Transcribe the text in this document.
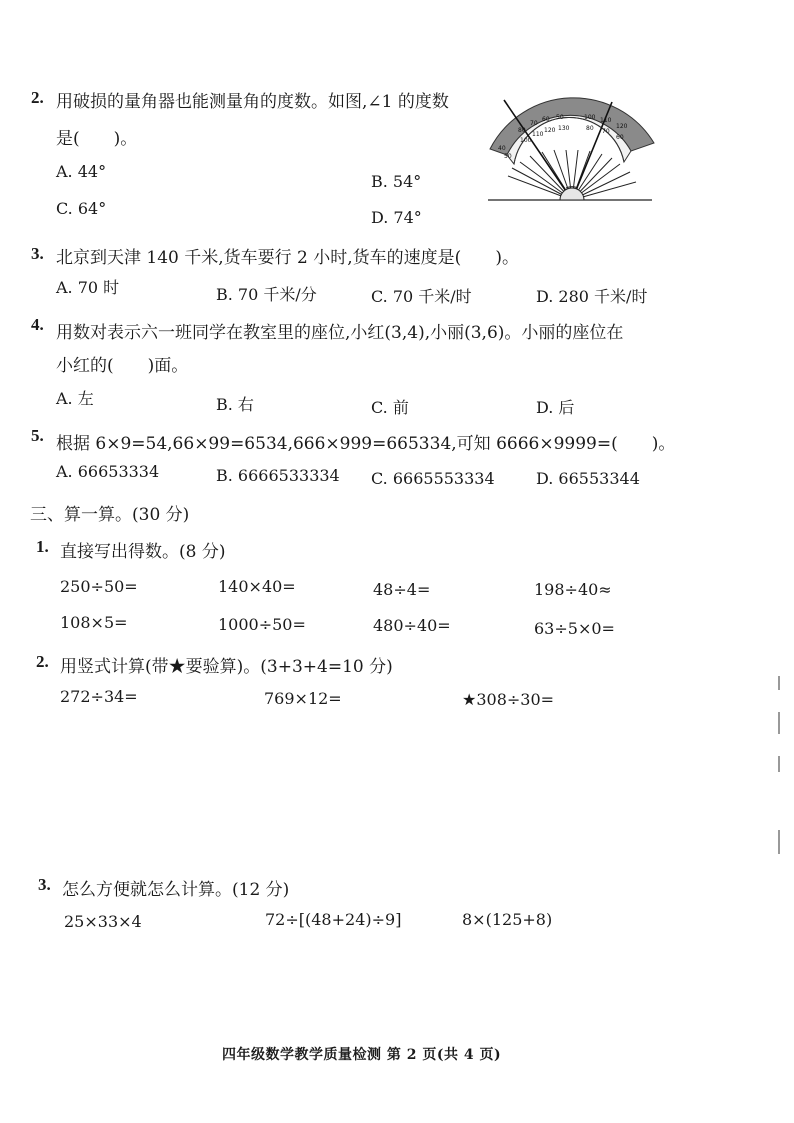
2. 用破损的量角器也能测量角的度数。如图,∠1 的度数
是(　　)。
A. 44°
B. 54°
C. 64°	D. 74°
40
50
80
70
60 50	100 110
120
100
110
120 130	80 70
60
3. 北京到天津 140 千米,货车要行 2 小时,货车的速度是(　　)。
A. 70 时	B. 70 千米/分	C. 70 千米/时	D. 280 千米/时
4. 用数对表示六一班同学在教室里的座位,小红(3,4),小丽(3,6)。小丽的座位在
小红的(　　)面。
A. 左	B. 右	C. 前	D. 后
5. 根据 6×9=54,66×99=6534,666×999=665334,可知 6666×9999=(　　)。
A. 66653334	B. 6666533334 C. 6665553334	D. 66553344
三、算一算。(30 分)
1. 直接写出得数。(8 分)
250÷50=	140×40=	48÷4=	198÷40≈
108×5=	1000÷50=	480÷40=	63÷5×0=
2. 用竖式计算(带★要验算)。(3+3+4=10 分)
272÷34=	769×12=	★308÷30=
3. 怎么方便就怎么计算。(12 分)
25×33×4	72÷[(48+24)÷9]	8×(125+8)
四年级数学教学质量检测 第 2 页(共 4 页)
